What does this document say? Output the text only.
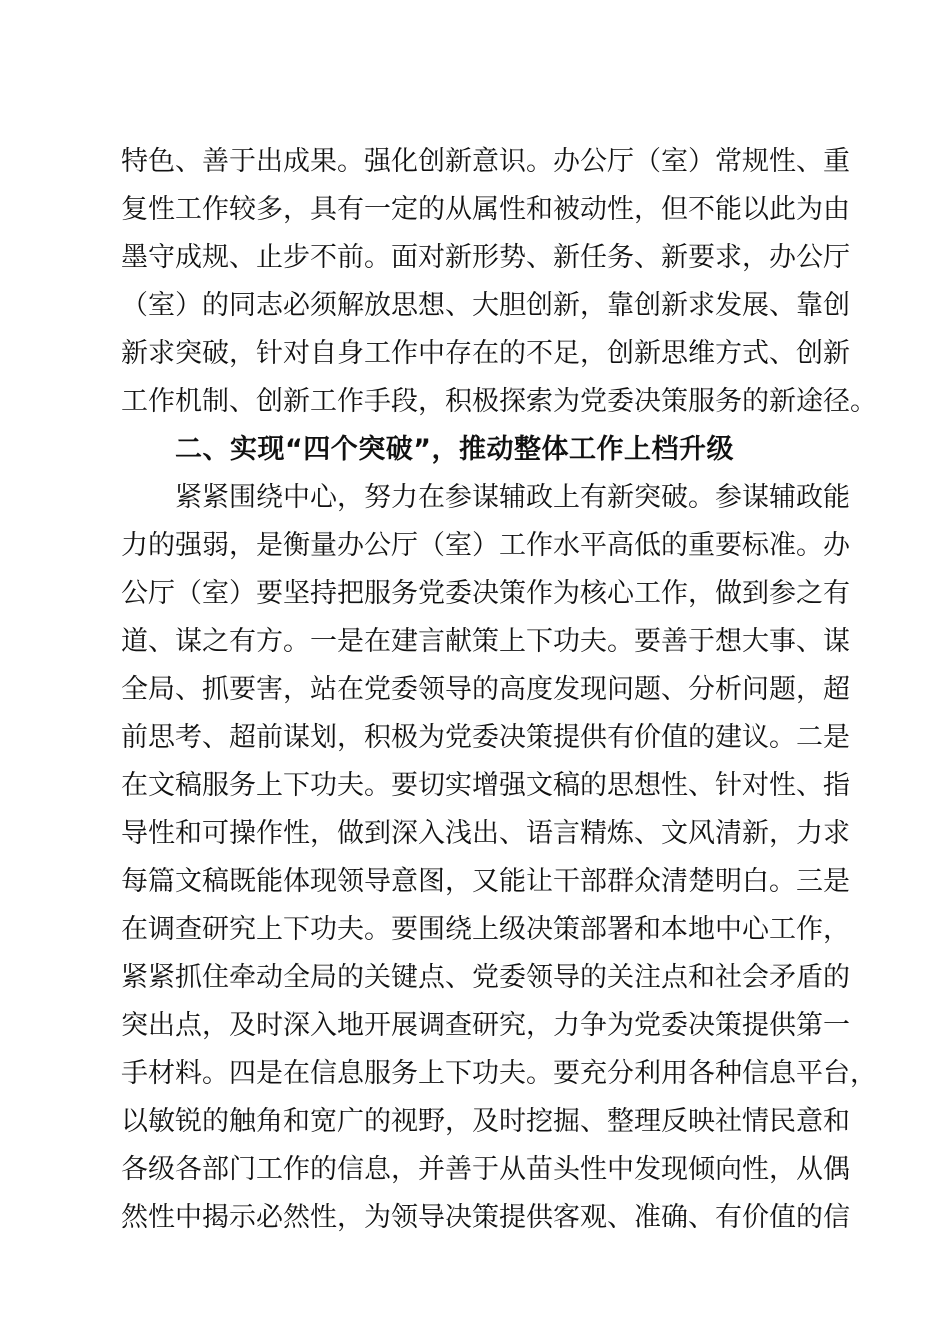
特色、善于出成果。强化创新意识。办公厅（室）常规性、重
复性工作较多，具有一定的从属性和被动性，但不能以此为由
墨守成规、止步不前。面对新形势、新任务、新要求，办公厅
（室）的同志必须解放思想、大胆创新，靠创新求发展、靠创
新求突破，针对自身工作中存在的不足，创新思维方式、创新
工作机制、创新工作手段，积极探索为党委决策服务的新途径。
二、实现“四个突破”，推动整体工作上档升级
紧紧围绕中心，努力在参谋辅政上有新突破。参谋辅政能
力的强弱，是衡量办公厅（室）工作水平高低的重要标准。办
公厅（室）要坚持把服务党委决策作为核心工作，做到参之有
道、谋之有方。一是在建言献策上下功夫。要善于想大事、谋
全局、抓要害，站在党委领导的高度发现问题、分析问题，超
前思考、超前谋划，积极为党委决策提供有价值的建议。二是
在文稿服务上下功夫。要切实增强文稿的思想性、针对性、指
导性和可操作性，做到深入浅出、语言精炼、文风清新，力求
每篇文稿既能体现领导意图，又能让干部群众清楚明白。三是
在调查研究上下功夫。要围绕上级决策部署和本地中心工作，
紧紧抓住牵动全局的关键点、党委领导的关注点和社会矛盾的
突出点，及时深入地开展调查研究，力争为党委决策提供第一
手材料。四是在信息服务上下功夫。要充分利用各种信息平台，
以敏锐的触角和宽广的视野，及时挖掘、整理反映社情民意和
各级各部门工作的信息，并善于从苗头性中发现倾向性，从偶
然性中揭示必然性，为领导决策提供客观、准确、有价值的信
